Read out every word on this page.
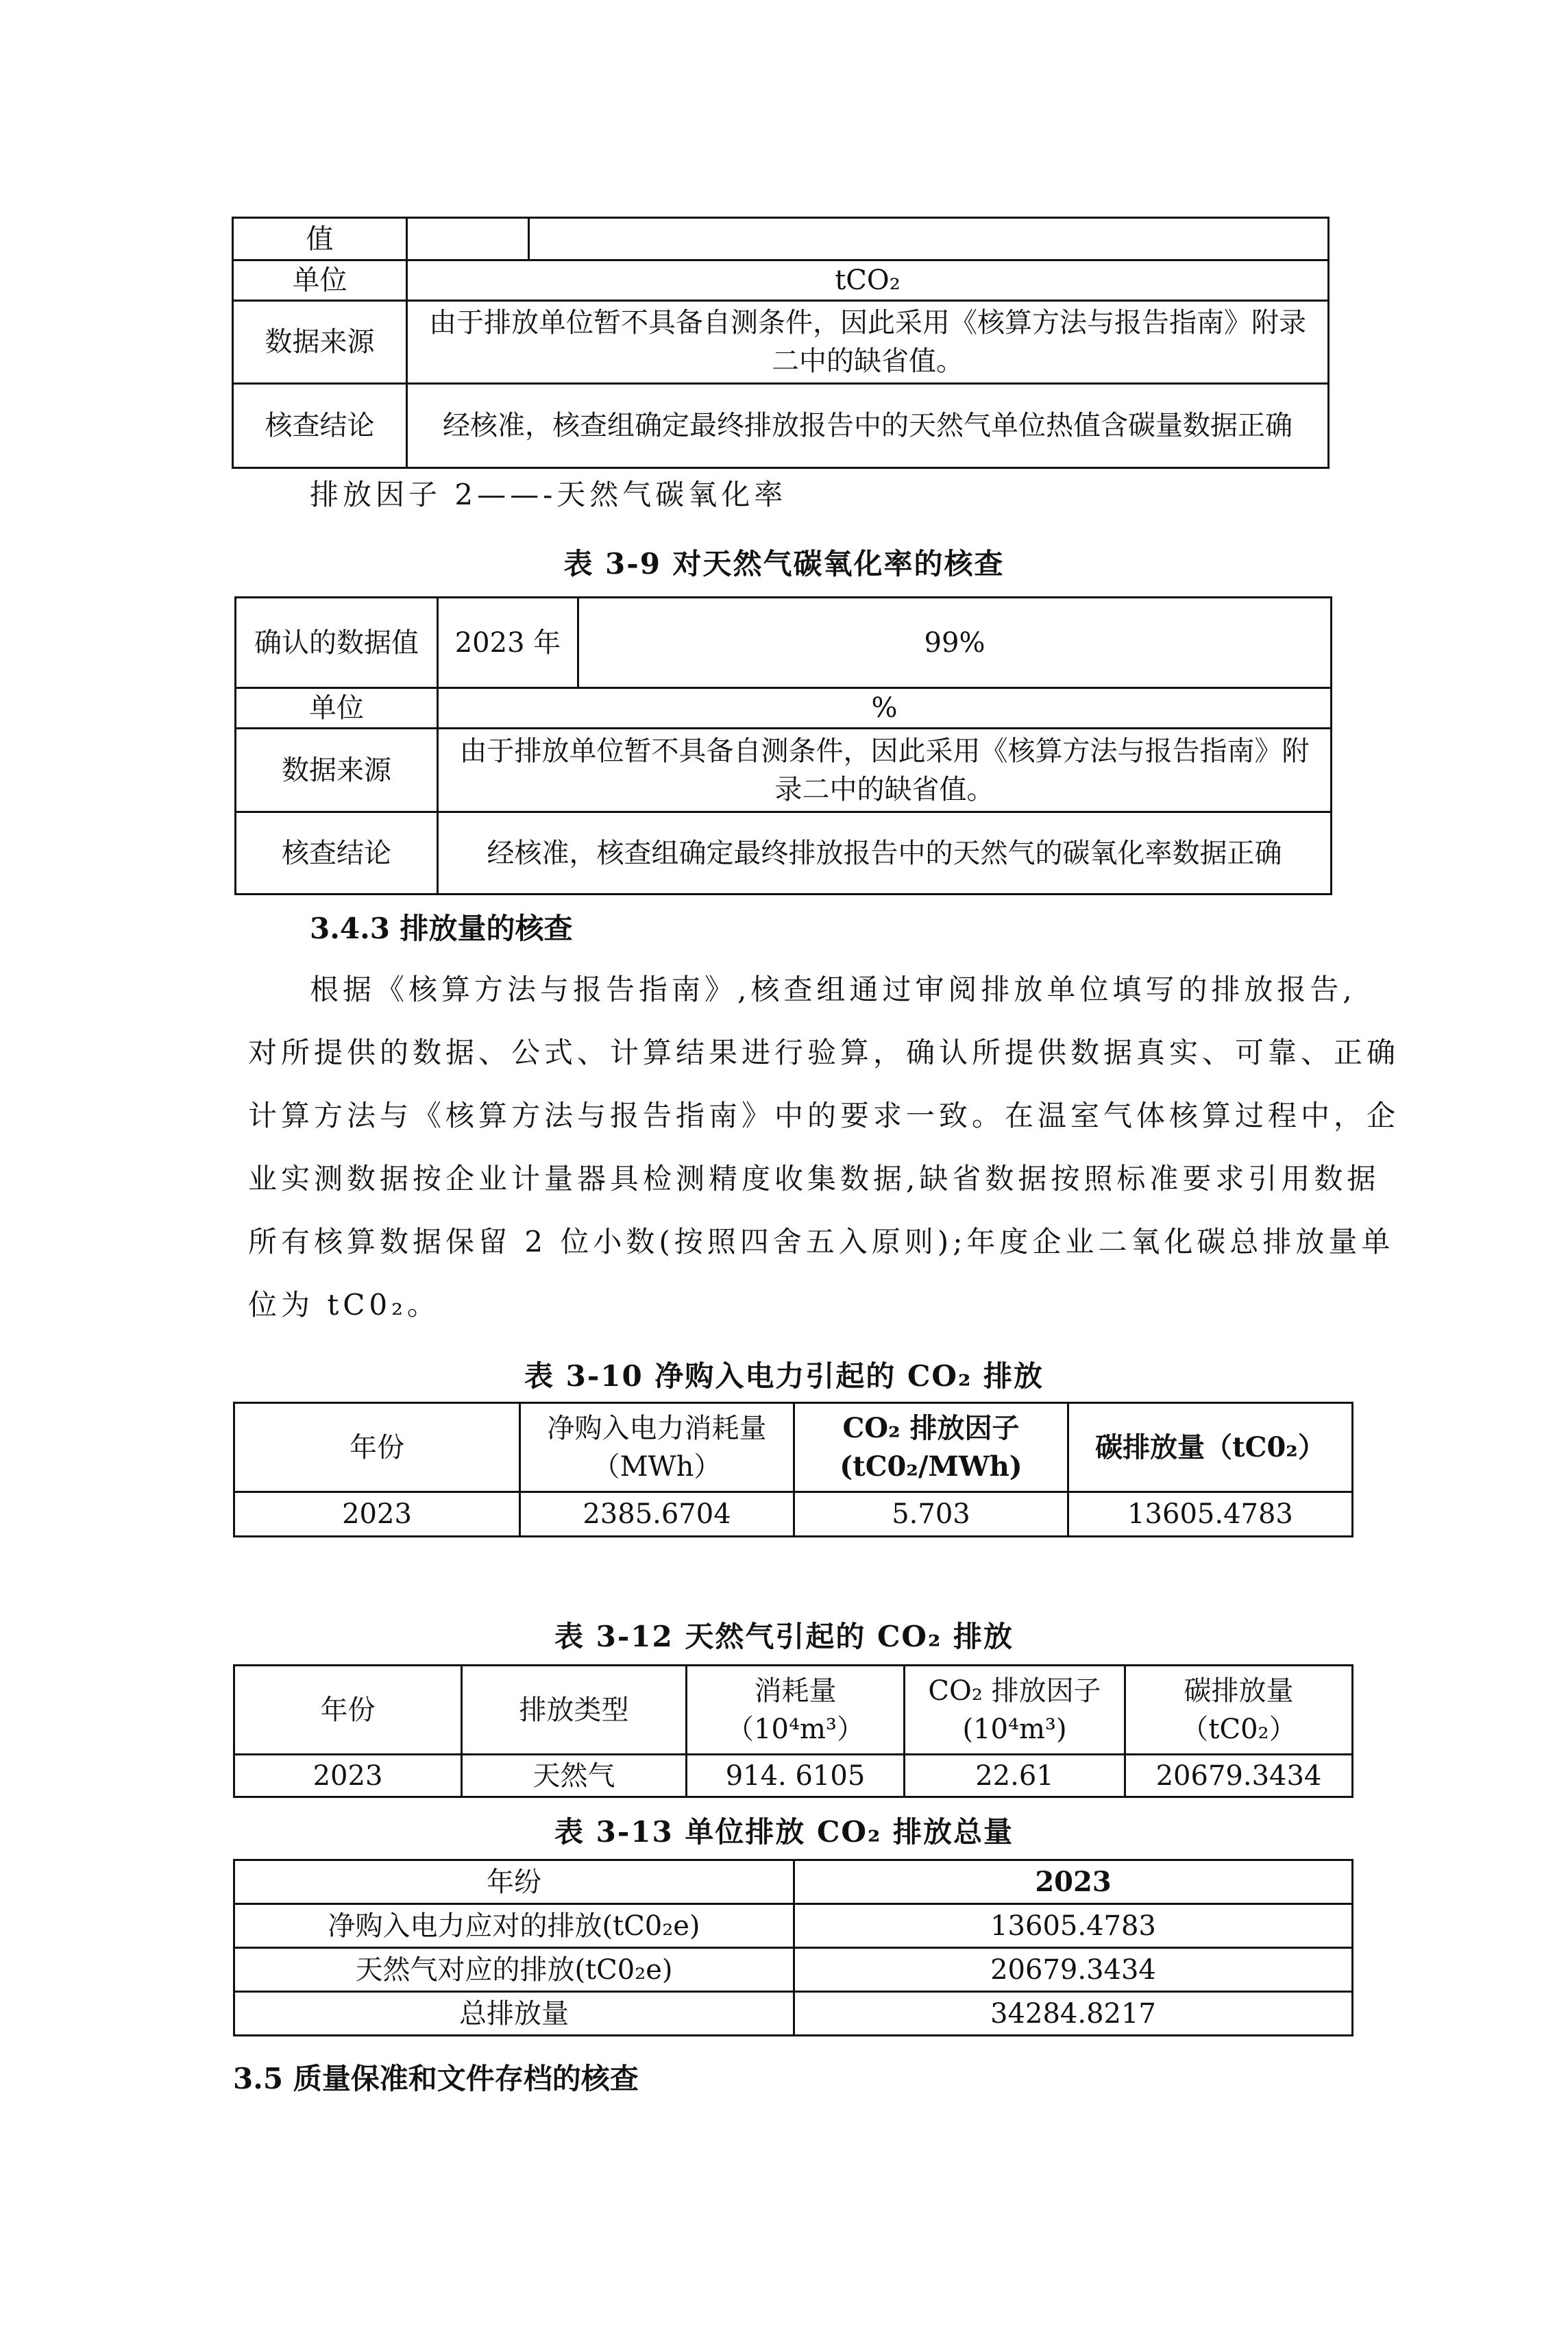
值		
单位	tCO₂	
数据来源	由于排放单位暂不具备自测条件，因此采用《核算方法与报告指南》附录二中的缺省值。	
核查结论	经核准，核查组确定最终排放报告中的天然气单位热值含碳量数据正确	
排放因子 2——-天然气碳氧化率
表 3-9 对天然气碳氧化率的核查
确认的数据值	2023 年	99%
单位	%	
数据来源	由于排放单位暂不具备自测条件，因此采用《核算方法与报告指南》附录二中的缺省值。	
核查结论	经核准，核查组确定最终排放报告中的天然气的碳氧化率数据正确	
3.4.3 排放量的核查
根据《核算方法与报告指南》,核查组通过审阅排放单位填写的排放报告,
对所提供的数据、公式、计算结果进行验算，确认所提供数据真实、可靠、正确
计算方法与《核算方法与报告指南》中的要求一致。在温室气体核算过程中，企
业实测数据按企业计量器具检测精度收集数据,缺省数据按照标准要求引用数据
所有核算数据保留 2 位小数(按照四舍五入原则);年度企业二氧化碳总排放量单
位为 tC0₂。
表 3-10 净购入电力引起的 CO₂ 排放
年份	净购入电力消耗量（MWh）	CO₂ 排放因子 (tC0₂/MWh)	碳排放量（tC0₂）
2023	2385.6704	5.703	13605.4783
表 3-12 天然气引起的 CO₂ 排放
年份	排放类型	消耗量（10⁴m³）	CO₂ 排放因子 (10⁴m³)	碳排放量（tC0₂）
2023	天然气	914. 6105	22.61	20679.3434
表 3-13 单位排放 CO₂ 排放总量
年纷	2023
净购入电力应对的排放(tC0₂e)	13605.4783
天然气对应的排放(tC0₂e)	20679.3434
总排放量	34284.8217
3.5 质量保准和文件存档的核查
